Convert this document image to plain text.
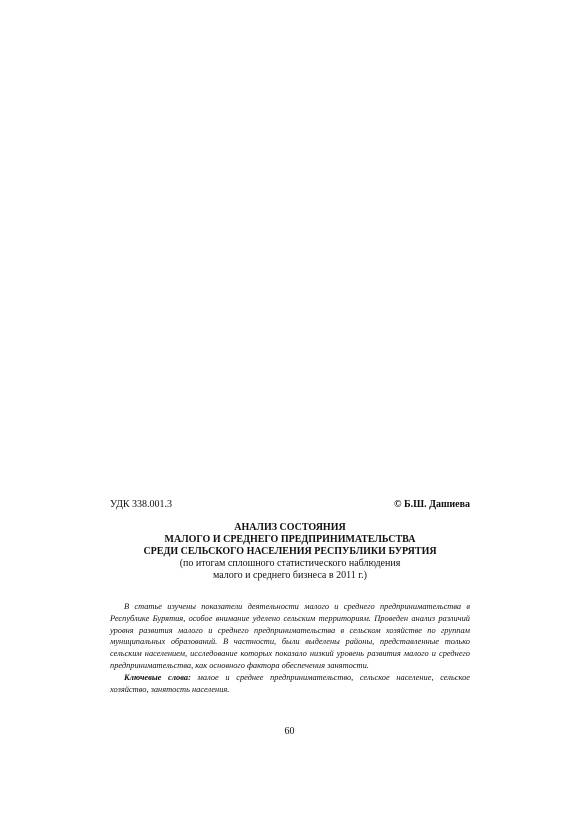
УДК 338.001.3	© Б.Ш. Дашиева
АНАЛИЗ СОСТОЯНИЯ
МАЛОГО И СРЕДНЕГО ПРЕДПРИНИМАТЕЛЬСТВА
СРЕДИ СЕЛЬСКОГО НАСЕЛЕНИЯ РЕСПУБЛИКИ БУРЯТИЯ
(по итогам сплошного статистического наблюдения
малого и среднего бизнеса в 2011 г.)

В статье изучены показатели деятельности малого и среднего предпринимательства в Республике Бурятия, особое внимание уделено сельским территориям. Проведен анализ различий уровня развития малого и среднего предпринимательства в сельском хозяйстве по группам муниципальных образований. В частности, были выделены районы, представленные только сельским населением, исследование которых показало низкий уровень развития малого и среднего предпринимательства, как основного фактора обеспечения занятости.

Ключевые слова: малое и среднее предпринимательство, сельское население, сельское хозяйство, занятость населения.

60
